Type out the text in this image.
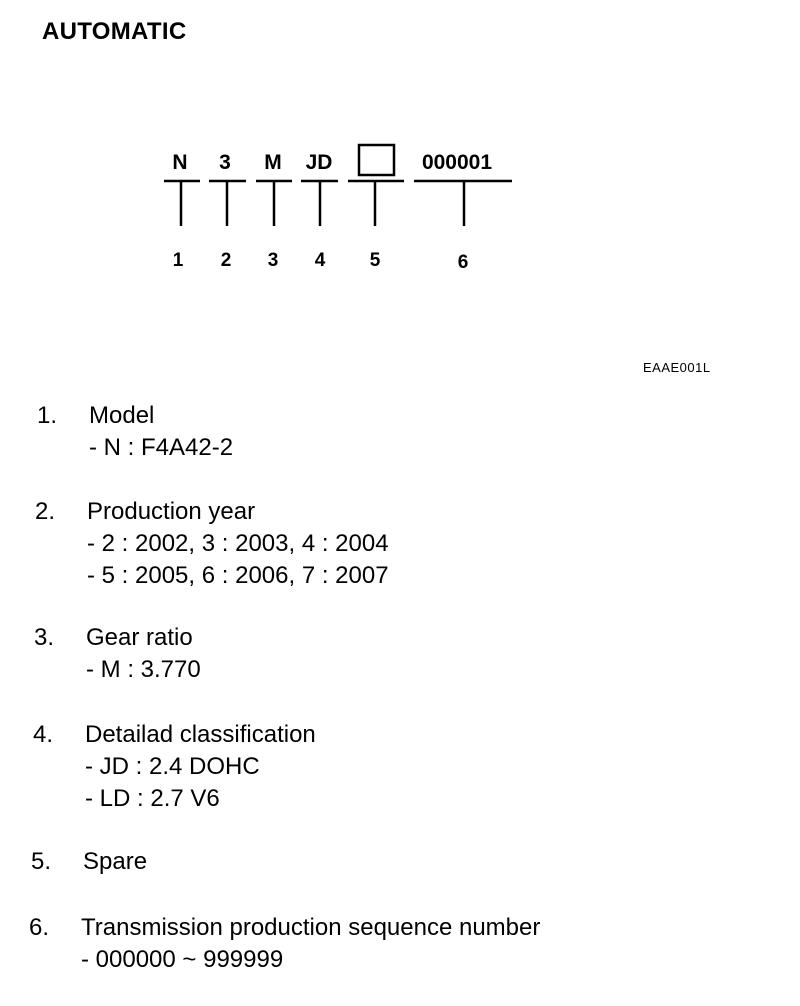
AUTOMATIC
N 3 M JD	000001
1 2 3 4 5	6
EAAE001L
1. Model
- N : F4A42-2
2. Production year
- 2 : 2002, 3 : 2003, 4 : 2004
- 5 : 2005, 6 : 2006, 7 : 2007
3. Gear ratio
- M : 3.770
4. Detailad classification
- JD : 2.4 DOHC
- LD : 2.7 V6
5. Spare
6. Transmission production sequence number
- 000000 ~ 999999
